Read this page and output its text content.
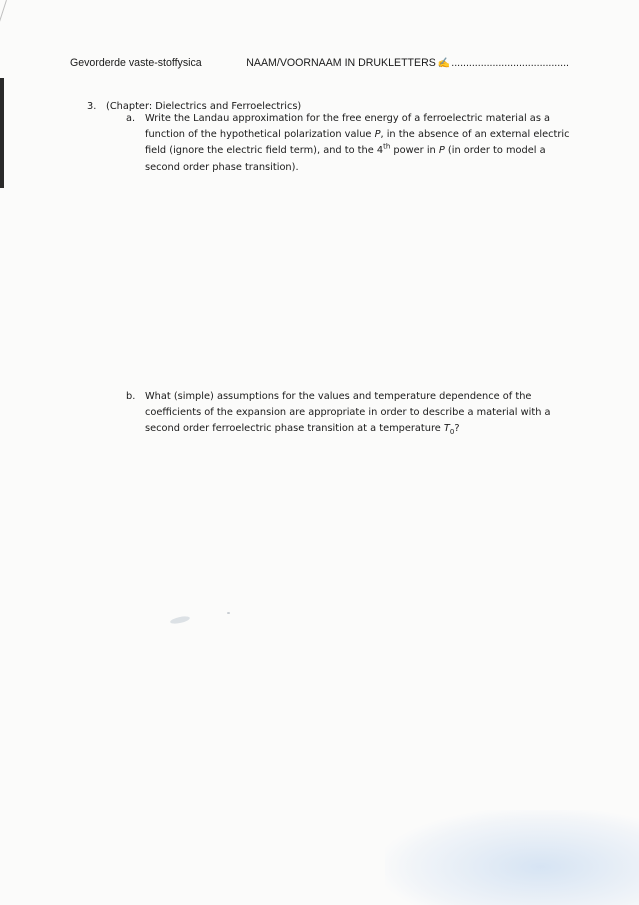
Gevorderde vaste-stoffysica	NAAM/VOORNAAM IN DRUKLETTERS ✍ ........................................
3. (Chapter: Dielectrics and Ferroelectrics)
a.	Write the Landau approximation for the free energy of a ferroelectric material as a function of the hypothetical polarization value P, in the absence of an external electric field (ignore the electric field term), and to the 4th power in P (in order to model a second order phase transition).
b. What (simple) assumptions for the values and temperature dependence of the coefficients of the expansion are appropriate in order to describe a material with a second order ferroelectric phase transition at a temperature $T_0$?
